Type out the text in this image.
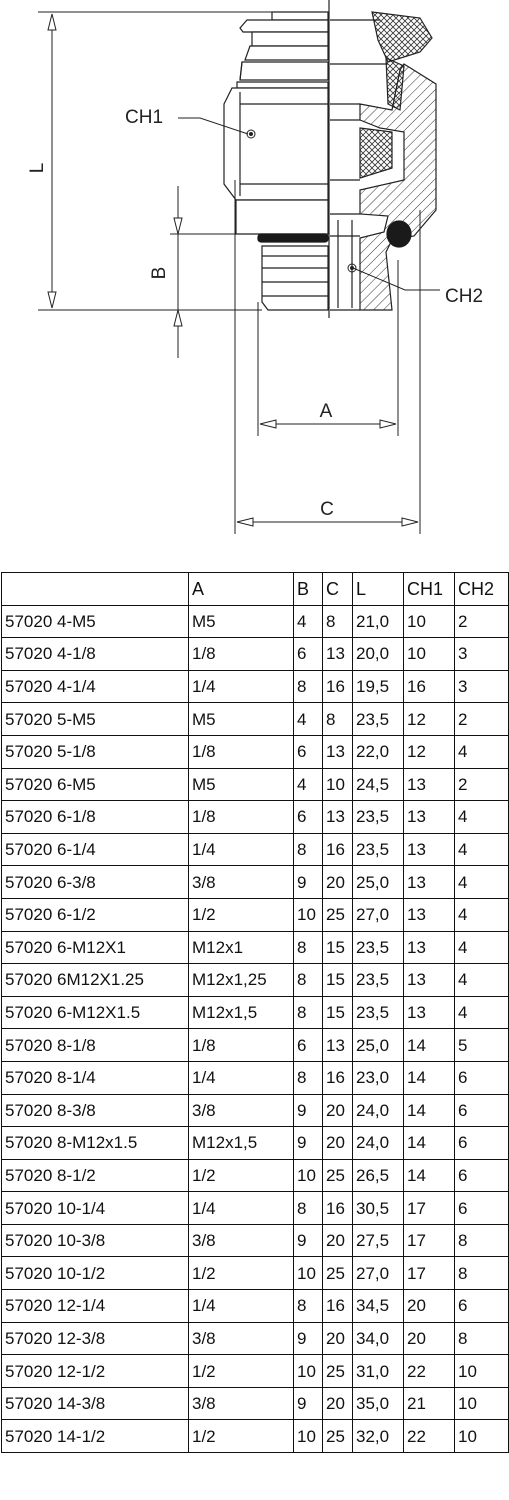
CH1
CH2
L
B
A
C
	A	B	C	L	CH1	CH2
57020 4-M5	M5	4	8	21,0	10	2
57020 4-1/8	1/8	6	13	20,0	10	3
57020 4-1/4	1/4	8	16	19,5	16	3
57020 5-M5	M5	4	8	23,5	12	2
57020 5-1/8	1/8	6	13	22,0	12	4
57020 6-M5	M5	4	10	24,5	13	2
57020 6-1/8	1/8	6	13	23,5	13	4
57020 6-1/4	1/4	8	16	23,5	13	4
57020 6-3/8	3/8	9	20	25,0	13	4
57020 6-1/2	1/2	10	25	27,0	13	4
57020 6-M12X1	M12x1	8	15	23,5	13	4
57020 6M12X1.25	M12x1,25	8	15	23,5	13	4
57020 6-M12X1.5	M12x1,5	8	15	23,5	13	4
57020 8-1/8	1/8	6	13	25,0	14	5
57020 8-1/4	1/4	8	16	23,0	14	6
57020 8-3/8	3/8	9	20	24,0	14	6
57020 8-M12x1.5	M12x1,5	9	20	24,0	14	6
57020 8-1/2	1/2	10	25	26,5	14	6
57020 10-1/4	1/4	8	16	30,5	17	6
57020 10-3/8	3/8	9	20	27,5	17	8
57020 10-1/2	1/2	10	25	27,0	17	8
57020 12-1/4	1/4	8	16	34,5	20	6
57020 12-3/8	3/8	9	20	34,0	20	8
57020 12-1/2	1/2	10	25	31,0	22	10
57020 14-3/8	3/8	9	20	35,0	21	10
57020 14-1/2	1/2	10	25	32,0	22	10
